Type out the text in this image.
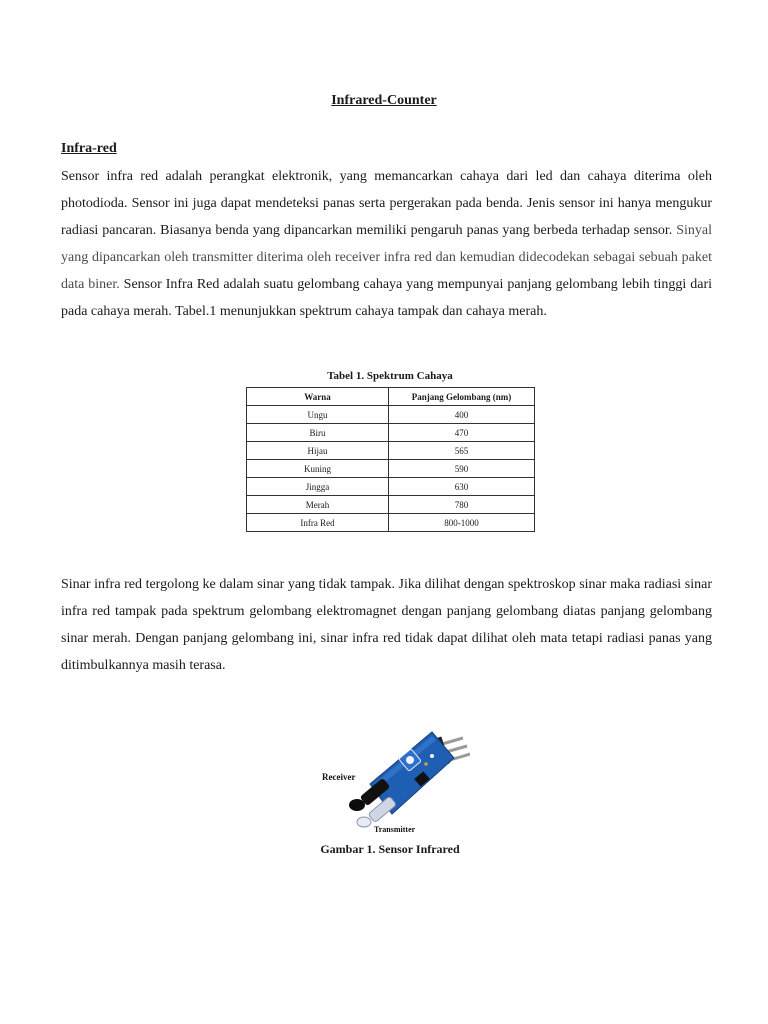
Infrared-Counter
Infra-red

Sensor infra red adalah perangkat elektronik, yang memancarkan cahaya dari led dan cahaya diterima oleh photodioda. Sensor ini juga dapat mendeteksi panas serta pergerakan pada benda. Jenis sensor ini hanya mengukur radiasi pancaran. Biasanya benda yang dipancarkan memiliki pengaruh panas yang berbeda terhadap sensor. Sinyal yang dipancarkan oleh transmitter diterima oleh receiver infra red dan kemudian didecodekan sebagai sebuah paket data biner. Sensor Infra Red adalah suatu gelombang cahaya yang mempunyai panjang gelombang lebih tinggi dari pada cahaya merah. Tabel.1 menunjukkan spektrum cahaya tampak dan cahaya merah.

Tabel 1. Spektrum Cahaya
Warna	Panjang Gelombang (nm)
Ungu	400
Biru	470
Hijau	565
Kuning	590
Jingga	630
Merah	780
Infra Red	800-1000

Sinar infra red tergolong ke dalam sinar yang tidak tampak. Jika dilihat dengan spektroskop sinar maka radiasi sinar infra red tampak pada spektrum gelombang elektromagnet dengan panjang gelombang diatas panjang gelombang sinar merah. Dengan panjang gelombang ini, sinar infra red tidak dapat dilihat oleh mata tetapi radiasi panas yang ditimbulkannya masih terasa.

Receiver
Transmitter
Gambar 1. Sensor Infrared
